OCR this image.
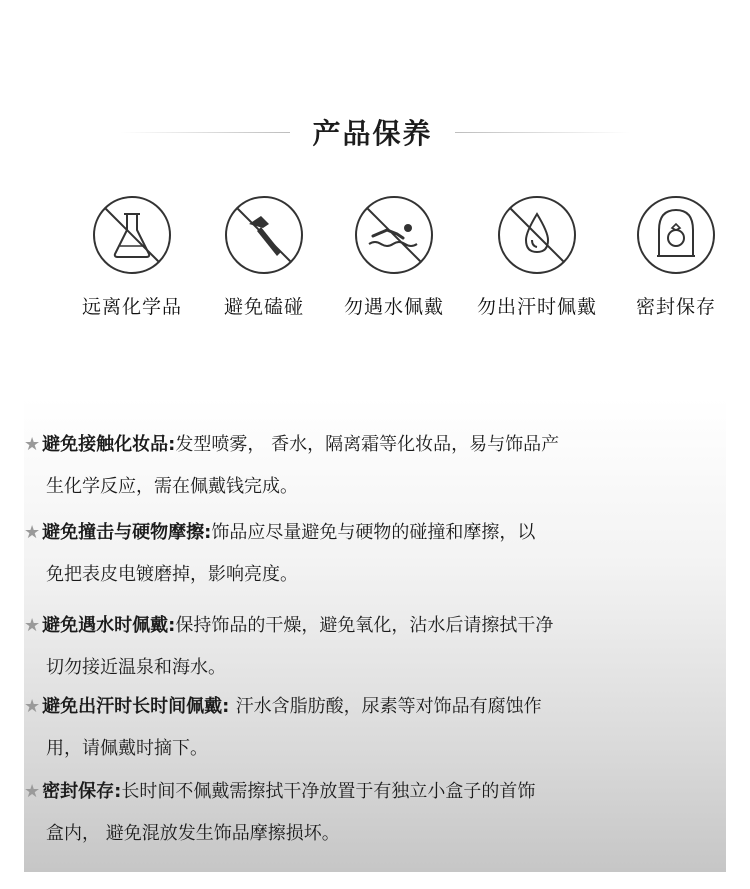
产品保养
远离化学品	避免磕碰	勿遇水佩戴	勿出汗时佩戴	密封保存
★ 避免接触化妆品:发型喷雾， 香水，隔离霜等化妆品，易与饰品产
生化学反应，需在佩戴钱完成。
★ 避免撞击与硬物摩擦:饰品应尽量避免与硬物的碰撞和摩擦，以
免把表皮电镀磨掉，影响亮度。
★ 避免遇水时佩戴:保持饰品的干燥，避免氧化，沾水后请擦拭干净
切勿接近温泉和海水。
★ 避免出汗时长时间佩戴: 汗水含脂肪酸，尿素等对饰品有腐蚀作
用，请佩戴时摘下。
★ 密封保存:长时间不佩戴需擦拭干净放置于有独立小盒子的首饰
盒内， 避免混放发生饰品摩擦损坏。
